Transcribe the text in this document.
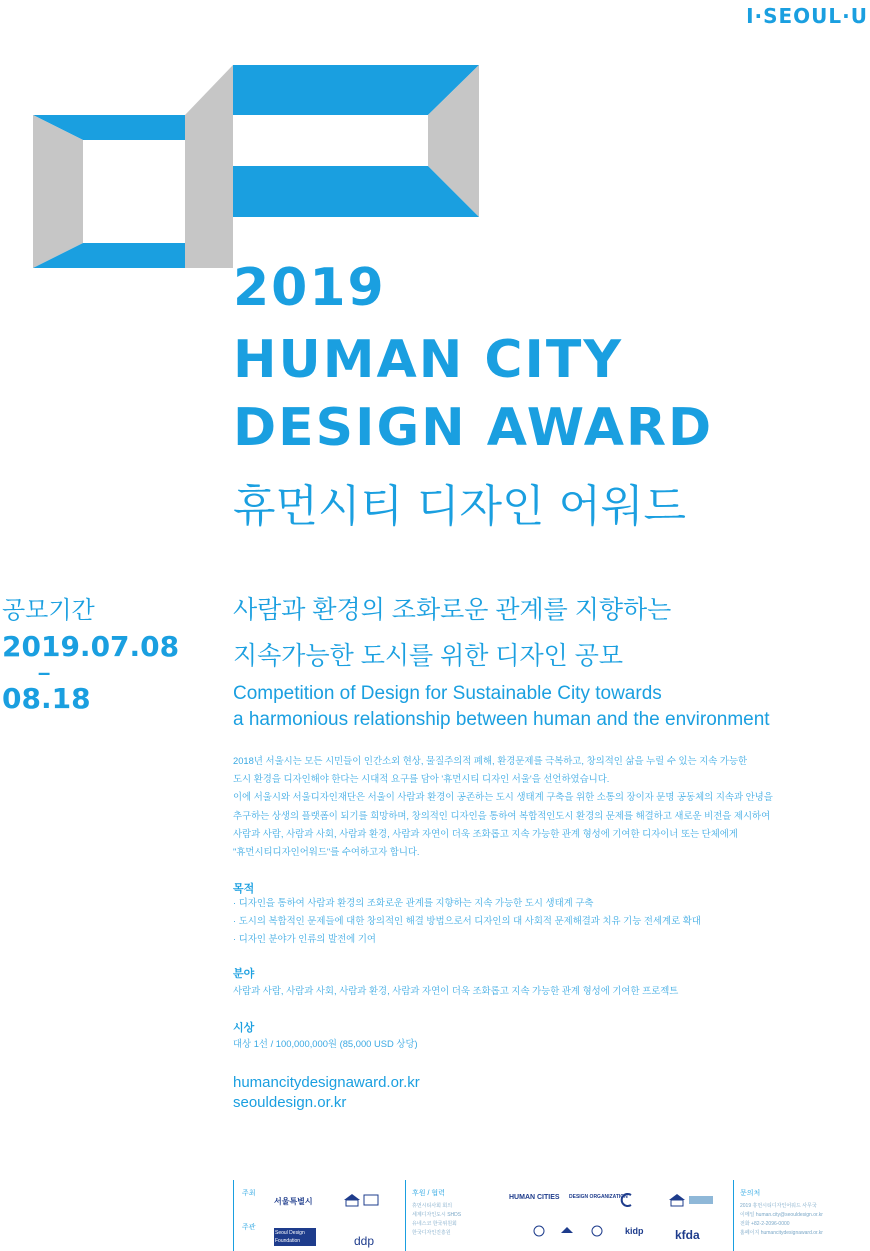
I·SEOUL·U
2019
HUMAN CITY
DESIGN AWARD
휴먼시티 디자인 어워드
공모기간
2019.07.08
–
08.18
사람과 환경의 조화로운 관계를 지향하는
지속가능한 도시를 위한 디자인 공모
Competition of Design for Sustainable City towards
a harmonious relationship between human and the environment

2018년 서울시는 모든 시민들이 인간소외 현상, 물질주의적 폐해, 환경문제를 극복하고, 창의적인 삶을 누릴 수 있는 지속 가능한

도시 환경을 디자인해야 한다는 시대적 요구를 담아 '휴먼시티 디자인 서울'을 선언하였습니다.

이에 서울시와 서울디자인재단은 서울이 사람과 환경이 공존하는 도시 생태계 구축을 위한 소통의 장이자 문명 공동체의 지속과 안녕을

추구하는 상생의 플랫폼이 되기를 희망하며, 창의적인 디자인을 통하여 복합적인도시 환경의 문제를 해결하고 새로운 비전을 제시하여

사람과 사람, 사람과 사회, 사람과 환경, 사람과 자연이 더욱 조화롭고 지속 가능한 관계 형성에 기여한 디자이너 또는 단체에게

"휴먼시티디자인어워드"를 수여하고자 합니다.

목적

· 디자인을 통하여 사람과 환경의 조화로운 관계를 지향하는 지속 가능한 도시 생태계 구축

· 도시의 복합적인 문제들에 대한 창의적인 해결 방법으로서 디자인의 대 사회적 문제해결과 치유 기능 전세계로 확대

· 디자인 분야가 인류의 발전에 기여

분야
사람과 사람, 사람과 사회, 사람과 환경, 사람과 자연이 더욱 조화롭고 지속 가능한 관계 형성에 기여한 프로젝트
시상
대상 1선 / 100,000,000원 (85,000 USD 상당)
humancitydesignaward.or.kr
seouldesign.or.kr
주최
서울특별시
주관
Seoul Design Foundation	ddp
후원 / 협력
휴먼시티사회 회의
세계디자인도시 SHDS
유네스코 한국위원회
한국디자인진흥원
HUMAN CITIES DESIGN ORGANIZATION
kidp	kfda
문의처
2019 휴먼시티디자인어워드 사무국
이메일 human.city@seouldesign.or.kr
전화 +82-2-2096-0000
홈페이지 humancitydesignaward.or.kr
